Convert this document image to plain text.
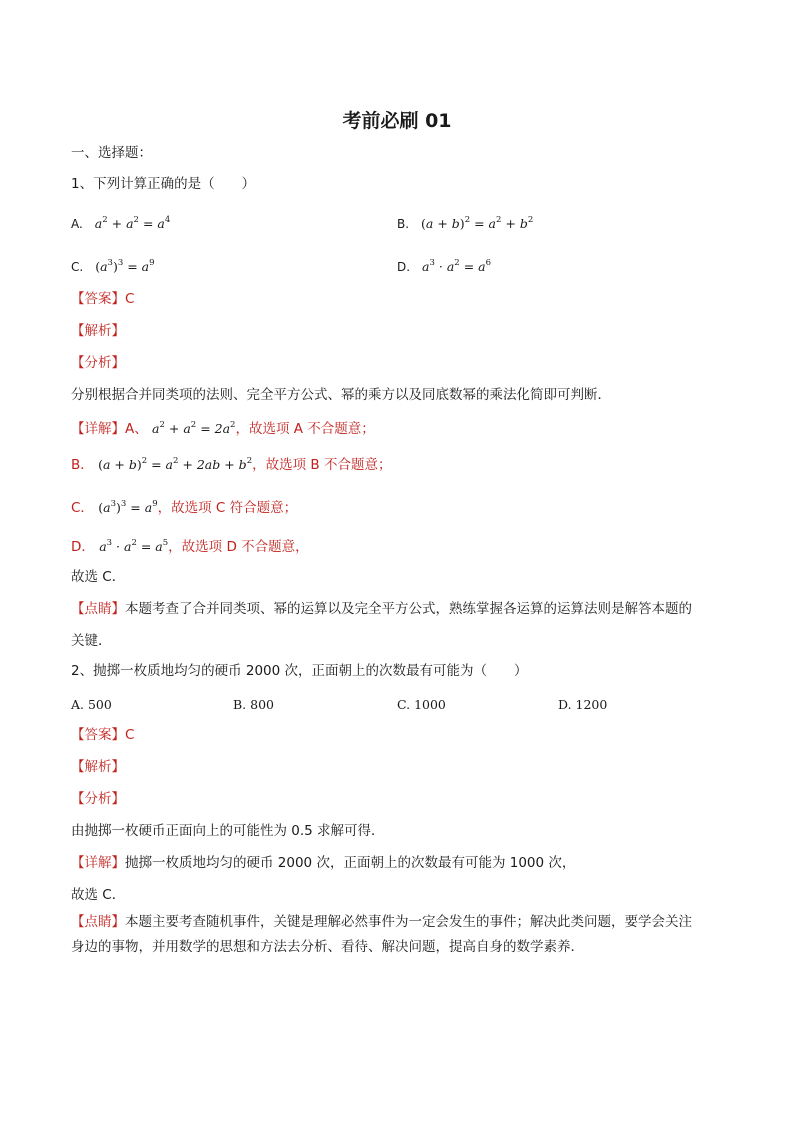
考前必刷 01
一、选择题：
1、下列计算正确的是（　　）
A. $a^2 + a^2 = a^4$	B. $(a + b)^2 = a^2 + b^2$
C. $(a^3)^3 = a^9$	D. $a^3 \cdot a^2 = a^6$
【答案】C
【解析】
【分析】
分别根据合并同类项的法则、完全平方公式、幂的乘方以及同底数幂的乘法化简即可判断．
【详解】A、 $a^2 + a^2 = 2a^2$，故选项 A 不合题意；
B． $(a + b)^2 = a^2 + 2ab + b^2$，故选项 B 不合题意；
C． $(a^3)^3 = a^9$，故选项 C 符合题意；
D． $a^3 \cdot a^2 = a^5$，故选项 D 不合题意，
故选 C．
【点睛】本题考查了合并同类项、幂的运算以及完全平方公式，熟练掌握各运算的运算法则是解答本题的
关键．
2、抛掷一枚质地均匀的硬币 2000 次，正面朝上的次数最有可能为（　　）
A. 500	B. 800	C. 1000	D. 1200
【答案】C
【解析】
【分析】
由抛掷一枚硬币正面向上的可能性为 0.5 求解可得．
【详解】抛掷一枚质地均匀的硬币 2000 次，正面朝上的次数最有可能为 1000 次，
故选 C．
【点睛】本题主要考查随机事件，关键是理解必然事件为一定会发生的事件；解决此类问题，要学会关注
身边的事物，并用数学的思想和方法去分析、看待、解决问题，提高自身的数学素养．
